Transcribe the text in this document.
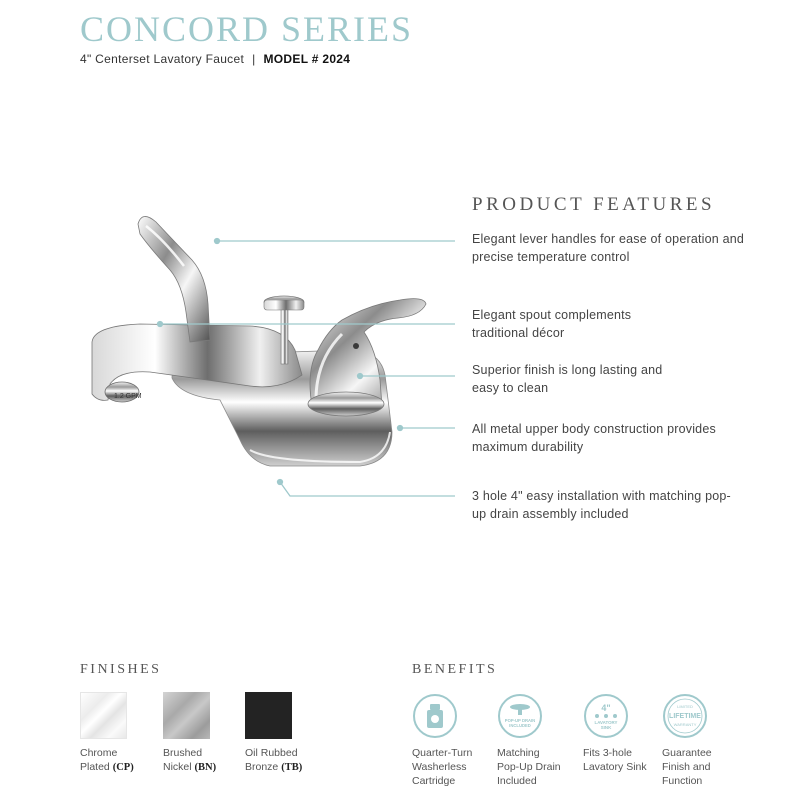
CONCORD SERIES
4" Centerset Lavatory Faucet | MODEL # 2024
1.2 GPM
PRODUCT FEATURES
Elegant lever handles for ease of operation and precise temperature control
Elegant spout complements traditional décor
Superior finish is long lasting and easy to clean
All metal upper body construction provides maximum durability
3 hole 4" easy installation with matching pop-up drain assembly included
FINISHES
Chrome
Plated (CP)
Brushed
Nickel (BN)
Oil Rubbed
Bronze (TB)
BENEFITS
POP-UP DRAIN
INCLUDED
4"
LAVATORY
SINK
LIMITED
LIFETIME
WARRANTY
Quarter-Turn
Washerless
Cartridge
Matching
Pop-Up Drain
Included
Fits 3-hole
Lavatory Sink
Guarantee
Finish and
Function
